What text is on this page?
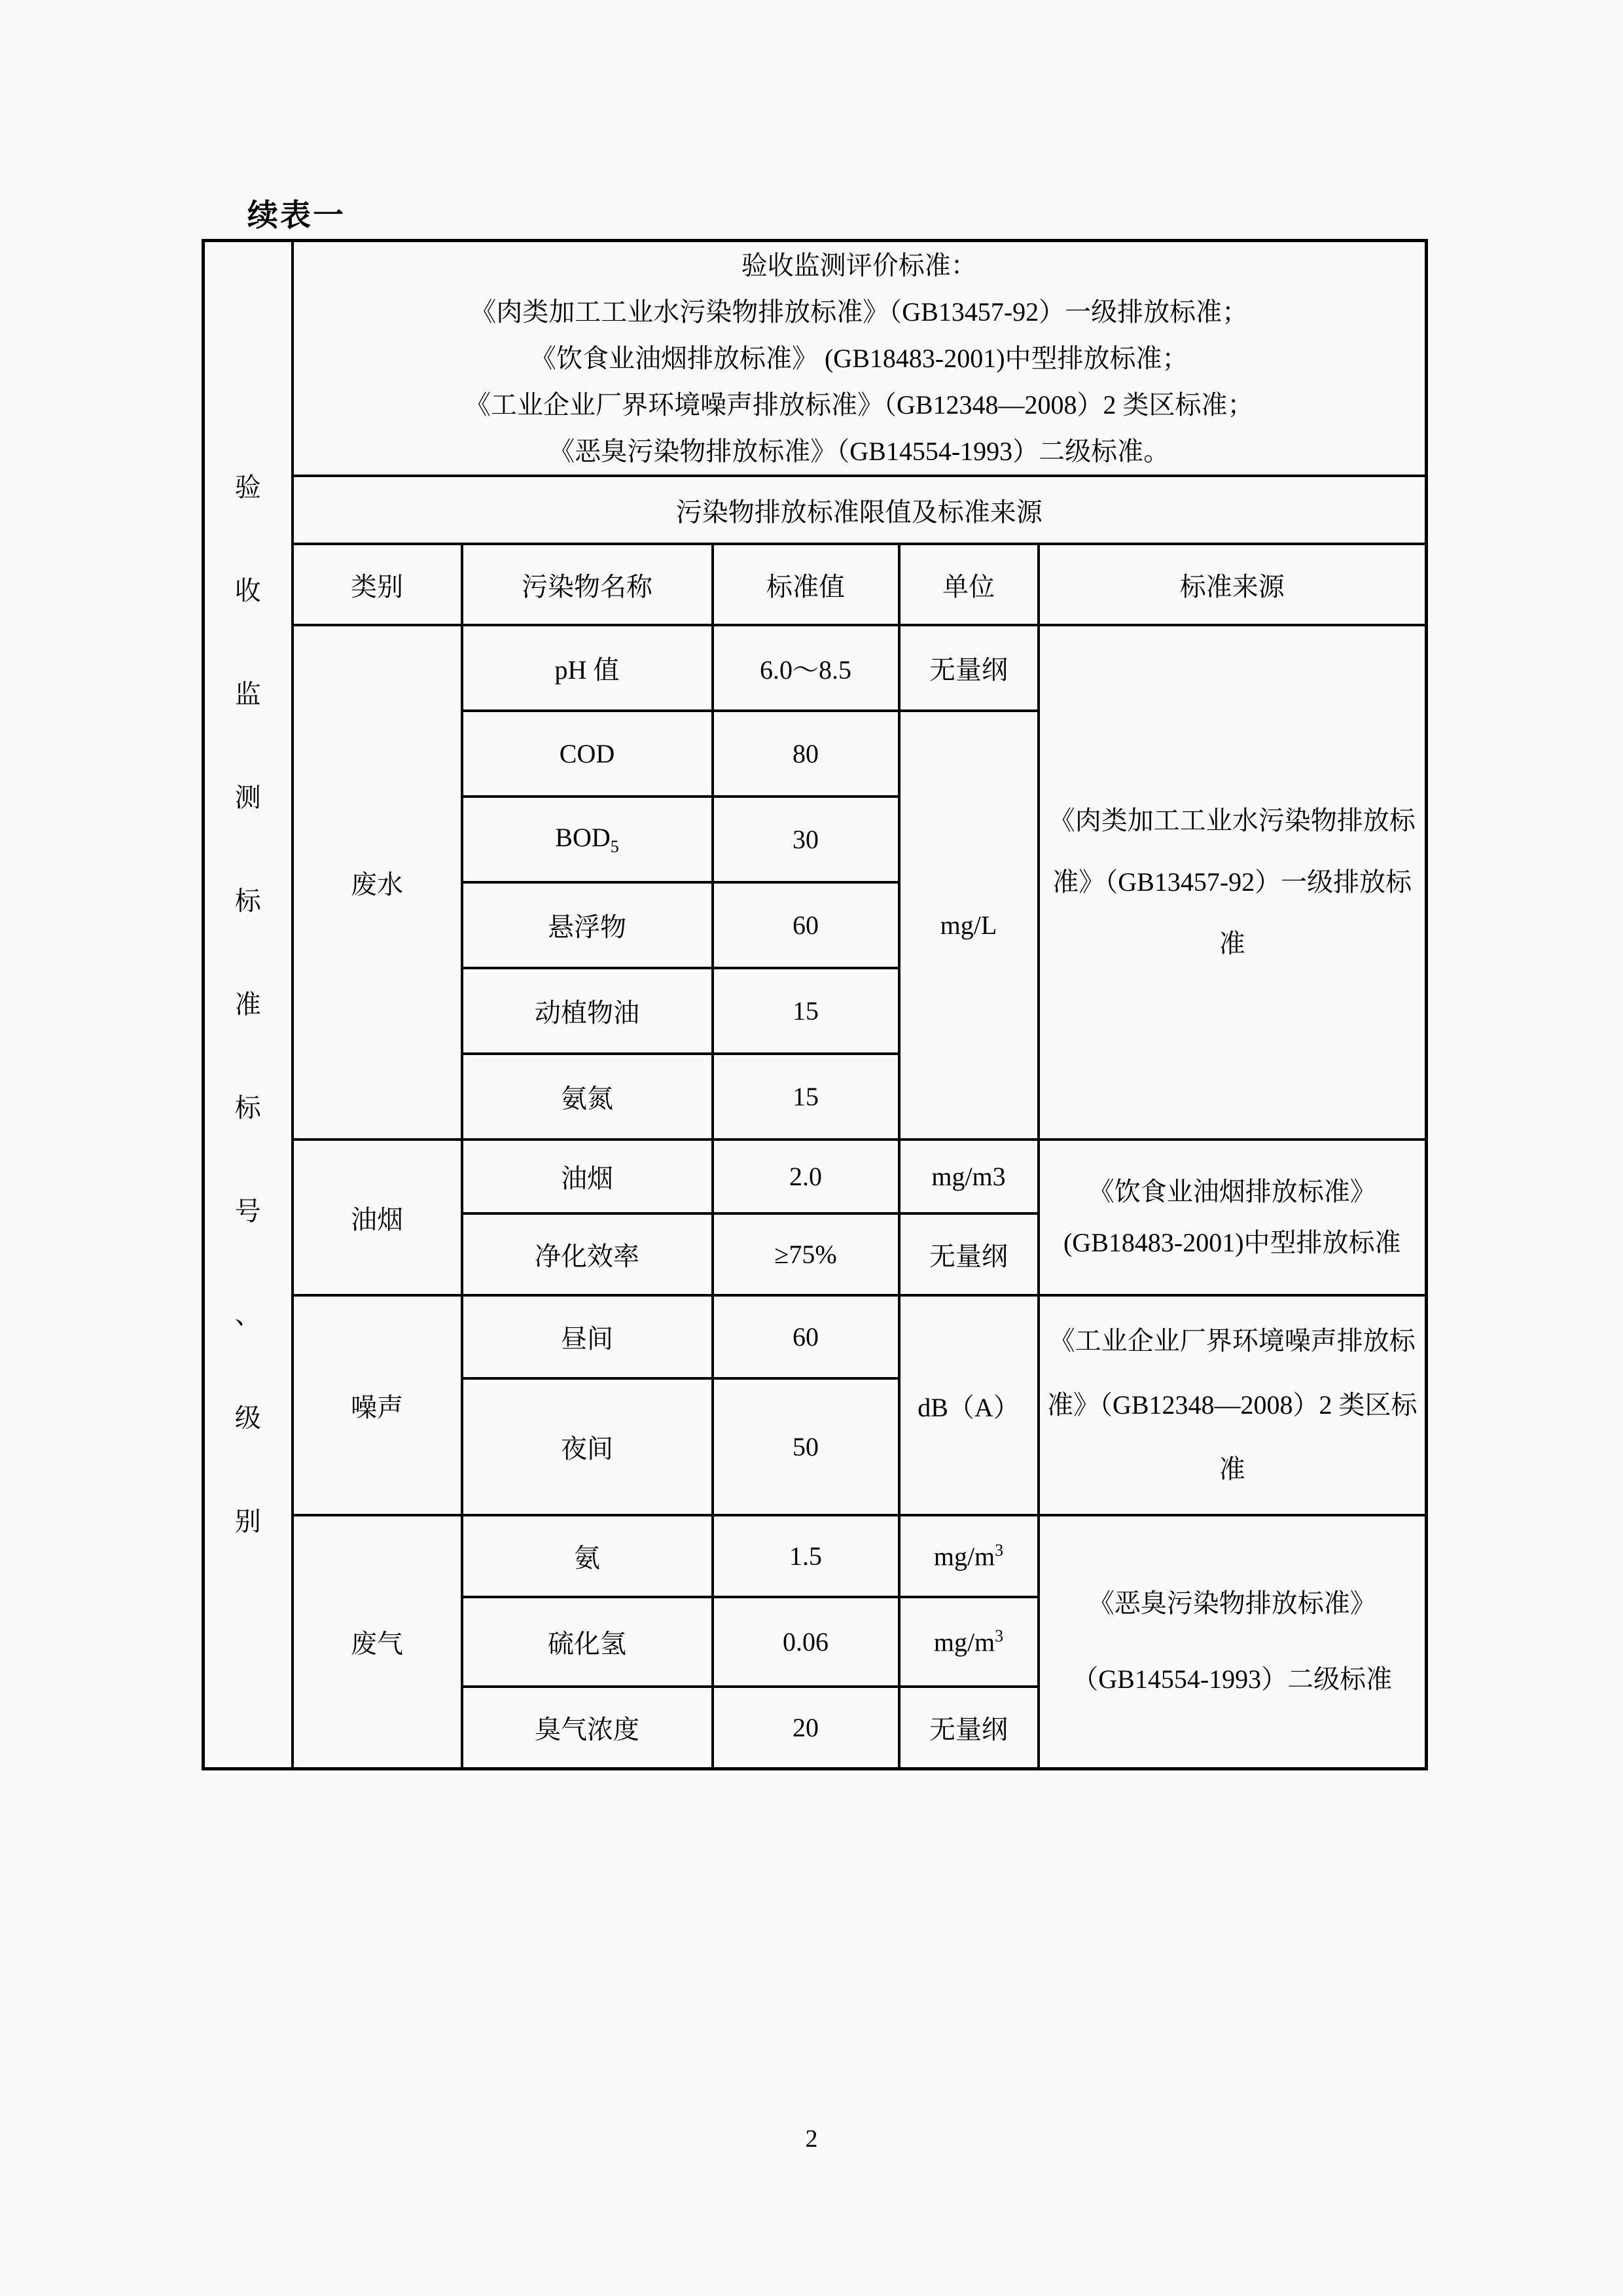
续表一
验
收
监
测
标
准
标
号
、
级
别

验收监测评价标准：
《肉类加工工业水污染物排放标准》（GB13457-92）一级排放标准；
《饮食业油烟排放标准》 (GB18483-2001)中型排放标准；
《工业企业厂界环境噪声排放标准》（GB12348—2008）2 类区标准；
《恶臭污染物排放标准》（GB14554-1993）二级标准。

	污染物排放标准限值及标准来源				
	类别	污染物名称	标准值	单位	标准来源
	废水	pH 值	6.0～8.5	无量纲	《肉类加工工业水污染物排放标准》（GB13457-92）一级排放标准
		COD	80	mg/L	
		$BOD_5$	30		
		悬浮物	60		
		动植物油	15		
		氨氮	15		
	油烟	油烟	2.0	mg/m3	《饮食业油烟排放标准》(GB18483-2001)中型排放标准
		净化效率	≥75%	无量纲	
	噪声	昼间	60	dB（A）	《工业企业厂界环境噪声排放标准》（GB12348—2008）2 类区标准
		夜间	50		
	废气	氨	1.5	$mg/m^3$	《恶臭污染物排放标准》（GB14554-1993）二级标准
		硫化氢	0.06	$mg/m^3$
		臭气浓度	20	无量纲	
2
